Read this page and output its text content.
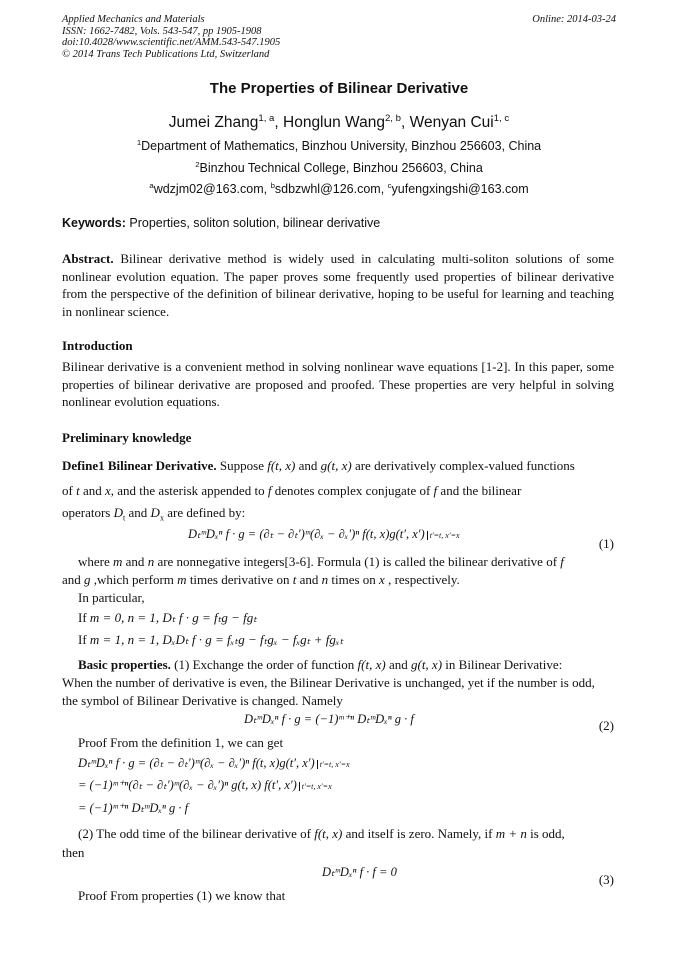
Applied Mechanics and Materials
ISSN: 1662-7482, Vols. 543-547, pp 1905-1908
doi:10.4028/www.scientific.net/AMM.543-547.1905
© 2014 Trans Tech Publications Ltd, Switzerland
Online: 2014-03-24
The Properties of Bilinear Derivative
Jumei Zhang$^{1, a}$, Honglun Wang$^{2, b}$, Wenyan Cui$^{1, c}$
$^1$Department of Mathematics, Binzhou University, Binzhou 256603, China
$^2$Binzhou Technical College, Binzhou 256603, China
$^a$wdzjm02@163.com, $^b$sdbzwhl@126.com, $^c$yufengxingshi@163.com
Keywords: Properties, soliton solution, bilinear derivative
Abstract. Bilinear derivative method is widely used in calculating multi-soliton solutions of some nonlinear evolution equation. The paper proves some frequently used properties of bilinear derivative from the perspective of the definition of bilinear derivative, hoping to be useful for learning and teaching in nonlinear science.
Introduction
Bilinear derivative is a convenient method in solving nonlinear wave equations [1-2]. In this paper, some properties of bilinear derivative are proposed and proofed. These properties are very helpful in solving nonlinear evolution equations.
Preliminary knowledge
Define1 Bilinear Derivative. Suppose f(t, x) and g(t, x) are derivatively complex-valued functions
of t and x, and the asterisk appended to f denotes complex conjugate of f and the bilinear
operators $D_t$ and $D_x$ are defined by:
DₜᵐDₓⁿ f · g = (∂ₜ − ∂ₜ′)ᵐ(∂ₓ − ∂ₓ′)ⁿ f(t, x)g(t′, x′) t′=t, x′=x
(1)
where m and n are nonnegative integers[3-6]. Formula (1) is called the bilinear derivative of f
and g ,which perform m times derivative on t and n times on x , respectively.
In particular,
If m = 0, n = 1, Dₜ f · g = fₜg − fgₜ
If m = 1, n = 1, DₓDₜ f · g = fₓₜg − fₜgₓ − fₓgₜ + fgₓₜ
Basic properties. (1) Exchange the order of function f(t, x) and g(t, x) in Bilinear Derivative:
When the number of derivative is even, the Bilinear Derivative is unchanged, yet if the number is odd,
the symbol of Bilinear Derivative is changed. Namely
DₜᵐDₓⁿ f · g = (−1)ᵐ⁺ⁿ DₜᵐDₓⁿ g · f	(2)
Proof From the definition 1, we can get
DₜᵐDₓⁿ f · g = (∂ₜ − ∂ₜ′)ᵐ(∂ₓ − ∂ₓ′)ⁿ f(t, x)g(t′, x′) t′=t, x′=x
= (−1)ᵐ⁺ⁿ(∂ₜ − ∂ₜ′)ᵐ(∂ₓ − ∂ₓ′)ⁿ g(t, x) f(t′, x′) t′=t, x′=x
= (−1)ᵐ⁺ⁿ DₜᵐDₓⁿ g · f
(2) The odd time of the bilinear derivative of f(t, x) and itself is zero. Namely, if m + n is odd,
then
DₜᵐDₓⁿ f · f = 0	(3)
Proof From properties (1) we know that
